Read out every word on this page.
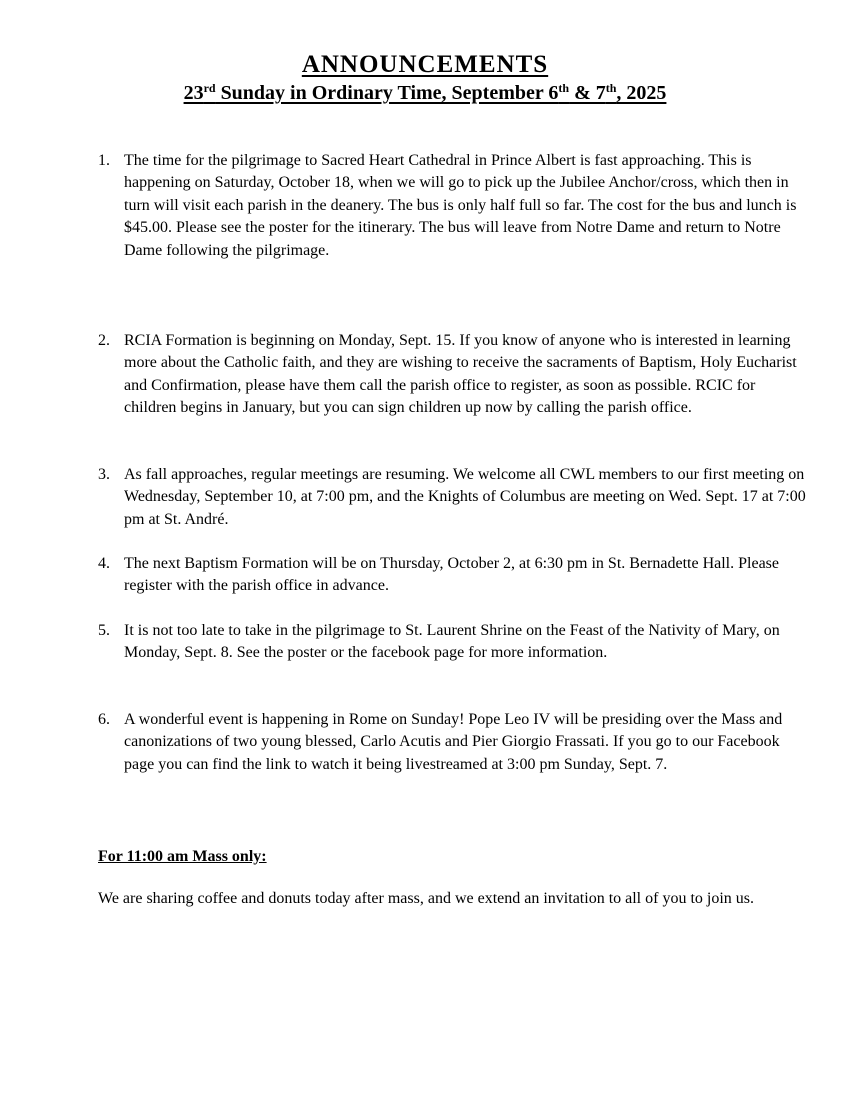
ANNOUNCEMENTS
23rd Sunday in Ordinary Time, September 6th & 7th, 2025
1. The time for the pilgrimage to Sacred Heart Cathedral in Prince Albert is fast approaching. This is happening on Saturday, October 18, when we will go to pick up the Jubilee Anchor/cross, which then in turn will visit each parish in the deanery. The bus is only half full so far. The cost for the bus and lunch is $45.00. Please see the poster for the itinerary. The bus will leave from Notre Dame and return to Notre Dame following the pilgrimage.
2. RCIA Formation is beginning on Monday, Sept. 15. If you know of anyone who is interested in learning more about the Catholic faith, and they are wishing to receive the sacraments of Baptism, Holy Eucharist and Confirmation, please have them call the parish office to register, as soon as possible. RCIC for children begins in January, but you can sign children up now by calling the parish office.
3. As fall approaches, regular meetings are resuming. We welcome all CWL members to our first meeting on Wednesday, September 10, at 7:00 pm, and the Knights of Columbus are meeting on Wed. Sept. 17 at 7:00 pm at St. André.
4. The next Baptism Formation will be on Thursday, October 2, at 6:30 pm in St. Bernadette Hall. Please register with the parish office in advance.
5. It is not too late to take in the pilgrimage to St. Laurent Shrine on the Feast of the Nativity of Mary, on Monday, Sept. 8. See the poster or the facebook page for more information.
6. A wonderful event is happening in Rome on Sunday! Pope Leo IV will be presiding over the Mass and canonizations of two young blessed, Carlo Acutis and Pier Giorgio Frassati. If you go to our Facebook page you can find the link to watch it being livestreamed at 3:00 pm Sunday, Sept. 7.
For 11:00 am Mass only:
We are sharing coffee and donuts today after mass, and we extend an invitation to all of you to join us.
